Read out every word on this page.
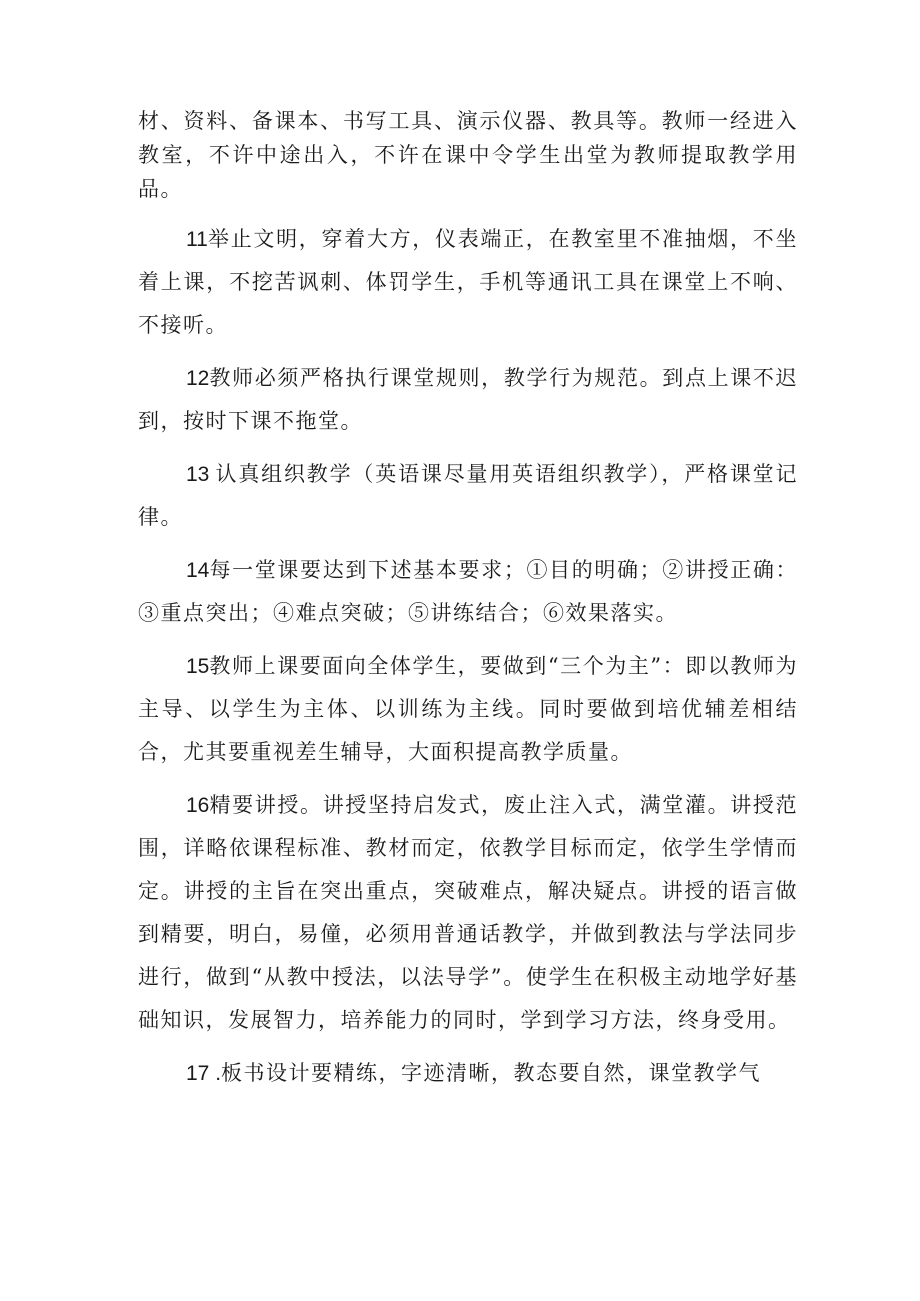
材、资料、备课本、书写工具、演示仪器、教具等。教师一经进入教室，不许中途出入，不许在课中令学生出堂为教师提取教学用品。

11举止文明，穿着大方，仪表端正，在教室里不准抽烟，不坐着上课，不挖苦讽刺、体罚学生，手机等通讯工具在课堂上不响、不接听。

12教师必须严格执行课堂规则，教学行为规范。到点上课不迟到，按时下课不拖堂。

13 认真组织教学（英语课尽量用英语组织教学），严格课堂记律。

14每一堂课要达到下述基本要求；①目的明确；②讲授正确：③重点突出；④难点突破；⑤讲练结合；⑥效果落实。

15教师上课要面向全体学生，要做到“三个为主”：即以教师为主导、以学生为主体、以训练为主线。同时要做到培优辅差相结合，尤其要重视差生辅导，大面积提高教学质量。

16精要讲授。讲授坚持启发式，废止注入式，满堂灌。讲授范围，详略依课程标准、教材而定，依教学目标而定，依学生学情而定。讲授的主旨在突出重点，突破难点，解决疑点。讲授的语言做到精要，明白，易僮，必须用普通话教学，并做到教法与学法同步进行，做到“从教中授法，以法导学”。使学生在积极主动地学好基础知识，发展智力，培养能力的同时，学到学习方法，终身受用。

17 .板书设计要精练，字迹清晰，教态要自然，课堂教学气
